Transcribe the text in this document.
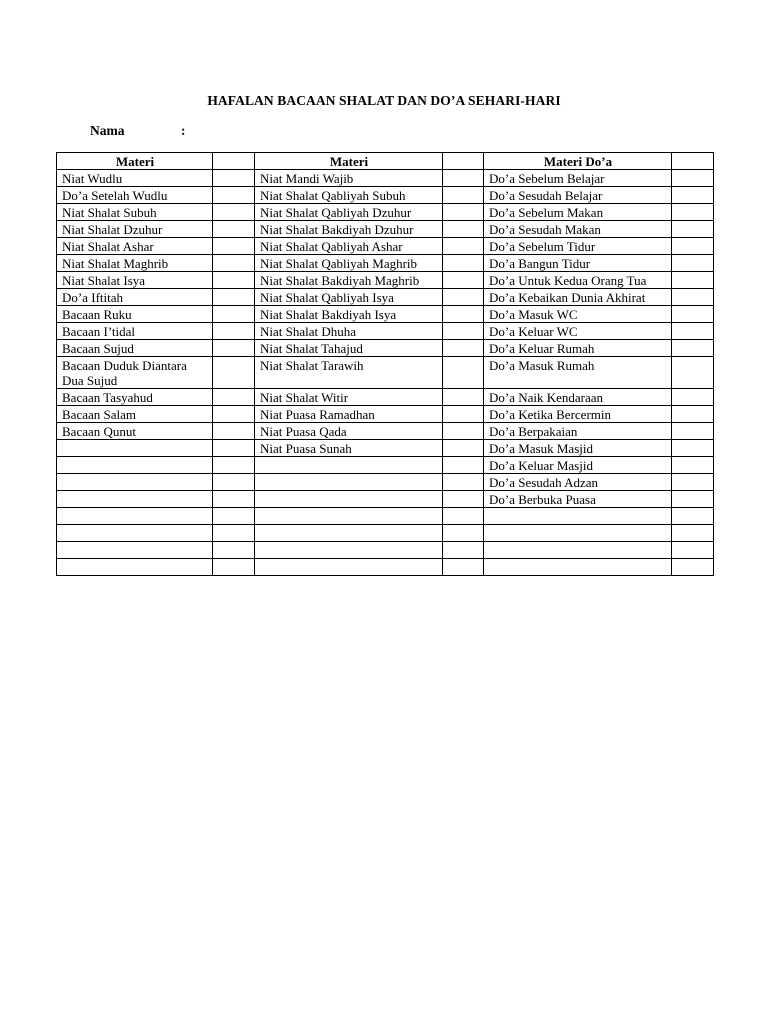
HAFALAN BACAAN SHALAT DAN DO’A SEHARI-HARI
Nama	:
Materi		Materi		Materi Do’a	
Niat Wudlu		Niat Mandi Wajib		Do’a Sebelum Belajar	
Do’a Setelah Wudlu		Niat Shalat Qabliyah Subuh		Do’a Sesudah Belajar	
Niat Shalat Subuh		Niat Shalat Qabliyah Dzuhur		Do’a Sebelum Makan	
Niat Shalat Dzuhur		Niat Shalat Bakdiyah Dzuhur		Do’a Sesudah Makan	
Niat Shalat Ashar		Niat Shalat Qabliyah Ashar		Do’a Sebelum Tidur	
Niat Shalat Maghrib		Niat Shalat Qabliyah Maghrib		Do’a Bangun Tidur	
Niat Shalat Isya		Niat Shalat Bakdiyah Maghrib		Do’a Untuk Kedua Orang Tua	
Do’a Iftitah		Niat Shalat Qabliyah Isya		Do’a Kebaikan Dunia Akhirat	
Bacaan Ruku		Niat Shalat Bakdiyah Isya		Do’a Masuk WC	
Bacaan I’tidal		Niat Shalat Dhuha		Do’a Keluar WC	
Bacaan Sujud		Niat Shalat Tahajud		Do’a Keluar Rumah	
Bacaan Duduk Diantara Dua Sujud		Niat Shalat Tarawih		Do’a Masuk Rumah	
Bacaan Tasyahud		Niat Shalat Witir		Do’a Naik Kendaraan	
Bacaan Salam		Niat Puasa Ramadhan		Do’a Ketika Bercermin	
Bacaan Qunut		Niat Puasa Qada		Do’a Berpakaian	
		Niat Puasa Sunah		Do’a Masuk Masjid	
				Do’a Keluar Masjid	
				Do’a Sesudah Adzan	
				Do’a Berbuka Puasa	
